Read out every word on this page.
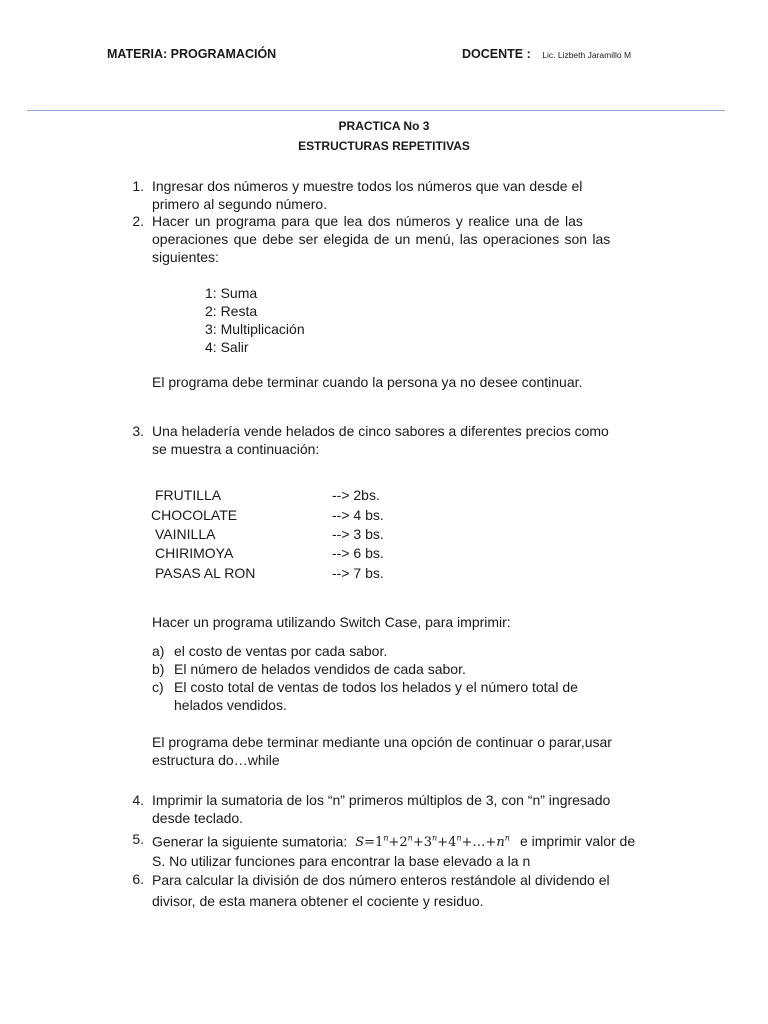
MATERIA: PROGRAMACIÓN	DOCENTE : Lic. Lizbeth Jaramillo M
PRACTICA No 3
ESTRUCTURAS REPETITIVAS
1. Ingresar dos números y muestre todos los números que van desde el
primero al segundo número.
2. Hacer un programa para que lea dos números y realice una de las
operaciones que debe ser elegida de un menú, las operaciones son las
siguientes:
1: Suma
2: Resta
3: Multiplicación
4: Salir
El programa debe terminar cuando la persona ya no desee continuar.
3. Una heladería vende helados de cinco sabores a diferentes precios como
se muestra a continuación:
FRUTILLA	--> 2bs.
CHOCOLATE	--> 4 bs.
VAINILLA	--> 3 bs.
CHIRIMOYA	--> 6 bs.
PASAS AL RON	--> 7 bs.
Hacer un programa utilizando Switch Case, para imprimir:
a) el costo de ventas por cada sabor.
b) El número de helados vendidos de cada sabor.
c) El costo total de ventas de todos los helados y el número total de
helados vendidos.
El programa debe terminar mediante una opción de continuar o parar,usar
estructura do…while
4. Imprimir la sumatoria de los “n” primeros múltiplos de 3, con “n” ingresado
desde teclado.
5. Generar la siguiente sumatoria: $S=1^n+2^n+3^n+4^n+\dots+n^n$ e imprimir valor de
S. No utilizar funciones para encontrar la base elevado a la n
6. Para calcular la división de dos número enteros restándole al dividendo el
divisor, de esta manera obtener el cociente y residuo.
